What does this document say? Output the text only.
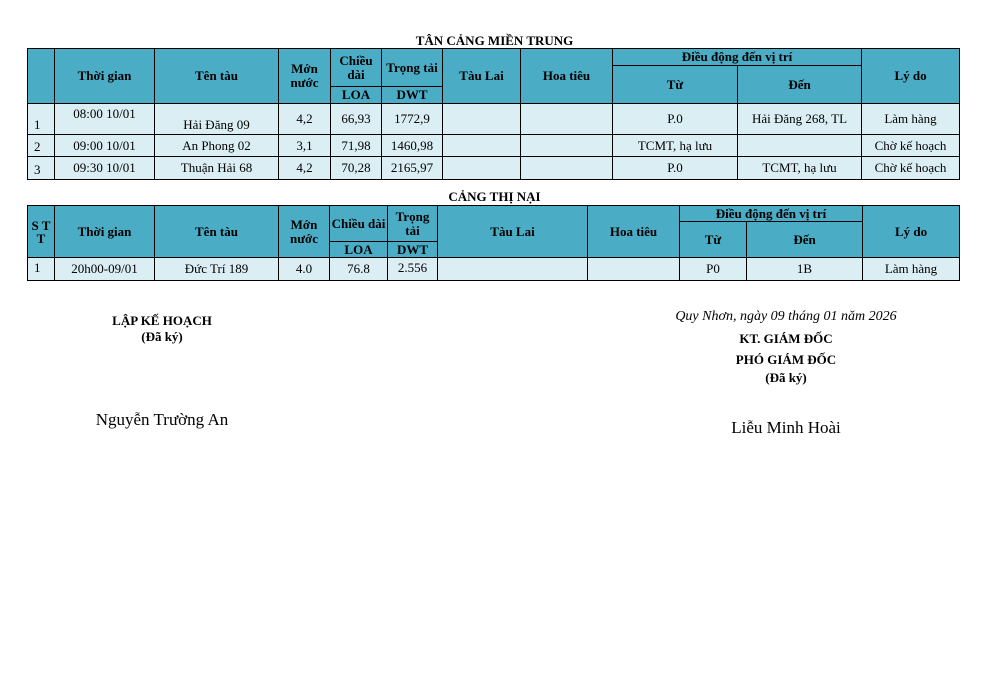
TÂN CẢNG MIỀN TRUNG
	Thời gian	Tên tàu	Mớn nước	Chiều dài	Trọng tải	Tàu Lai	Hoa tiêu	Điều động đến vị trí		Lý do
								Từ	Đến	
				LOA	DWT					
1	08:00 10/01	Hải Đăng 09	4,2	66,93	1772,9			P.0	Hải Đăng 268, TL	Làm hàng
2	09:00 10/01	An Phong 02	3,1	71,98	1460,98			TCMT, hạ lưu		Chờ kế hoạch
3	09:30 10/01	Thuận Hải 68	4,2	70,28	2165,97			P.0	TCMT, hạ lưu	Chờ kế hoạch
CẢNG THỊ NẠI
S T T	Thời gian	Tên tàu	Mớn nước	Chiều dài	Trọng tải	Tàu Lai	Hoa tiêu	Điều động đến vị trí		Lý do
								Từ	Đến	
				LOA	DWT					
1	20h00-09/01	Đức Trí 189	4.0	76.8	2.556			P0	1B	Làm hàng
LẬP KẾ HOẠCH
(Đã ký)
Nguyễn Trường An
Quy Nhơn, ngày 09 tháng 01 năm 2026
KT. GIÁM ĐỐC
PHÓ GIÁM ĐỐC
(Đã ký)
Liễu Minh Hoài
